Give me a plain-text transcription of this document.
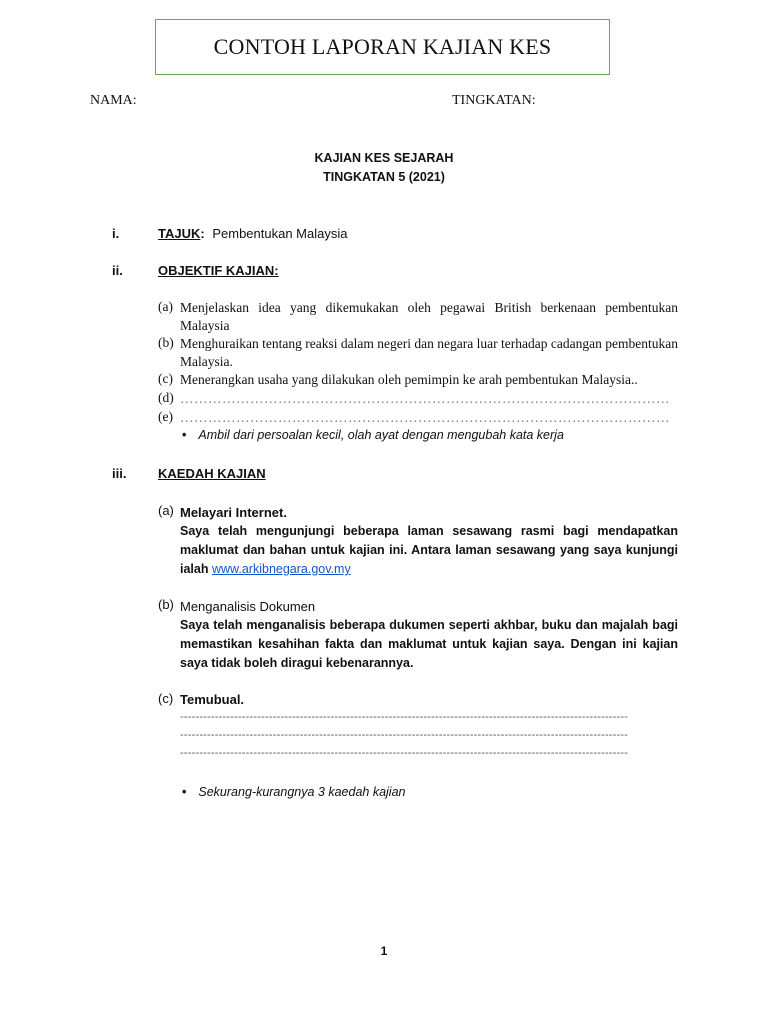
CONTOH LAPORAN KAJIAN KES
NAMA:	TINGKATAN:
KAJIAN KES SEJARAH
TINGKATAN 5 (2021)
i.	TAJUK: Pembentukan Malaysia
ii.	OBJEKTIF KAJIAN:
(a) Menjelaskan idea yang dikemukakan oleh pegawai British berkenaan pembentukan Malaysia
(b) Menghuraikan tentang reaksi dalam negeri dan negara luar terhadap cadangan pembentukan Malaysia.
(c) Menerangkan usaha yang dilakukan oleh pemimpin ke arah pembentukan Malaysia..
(d) ……………………………………………………………………………………………
(e) ……………………………………………………………………………………………
• Ambil dari persoalan kecil, olah ayat dengan mengubah kata kerja
iii. KAEDAH KAJIAN
(a) Melayari Internet.
Saya telah mengunjungi beberapa laman sesawang rasmi bagi mendapatkan maklumat dan bahan untuk kajian ini. Antara laman sesawang yang saya kunjungi ialah www.arkibnegara.gov.my
(b) Menganalisis Dokumen
Saya telah menganalisis beberapa dukumen seperti akhbar, buku dan majalah bagi memastikan kesahihan fakta dan maklumat untuk kajian saya. Dengan ini kajian saya tidak boleh diragui kebenarannya.
(c) Temubual.
--------------------------------------------------------------------------------------------------------------------
--------------------------------------------------------------------------------------------------------------------
--------------------------------------------------------------------------------------------------------------------
• Sekurang-kurangnya 3 kaedah kajian
1
